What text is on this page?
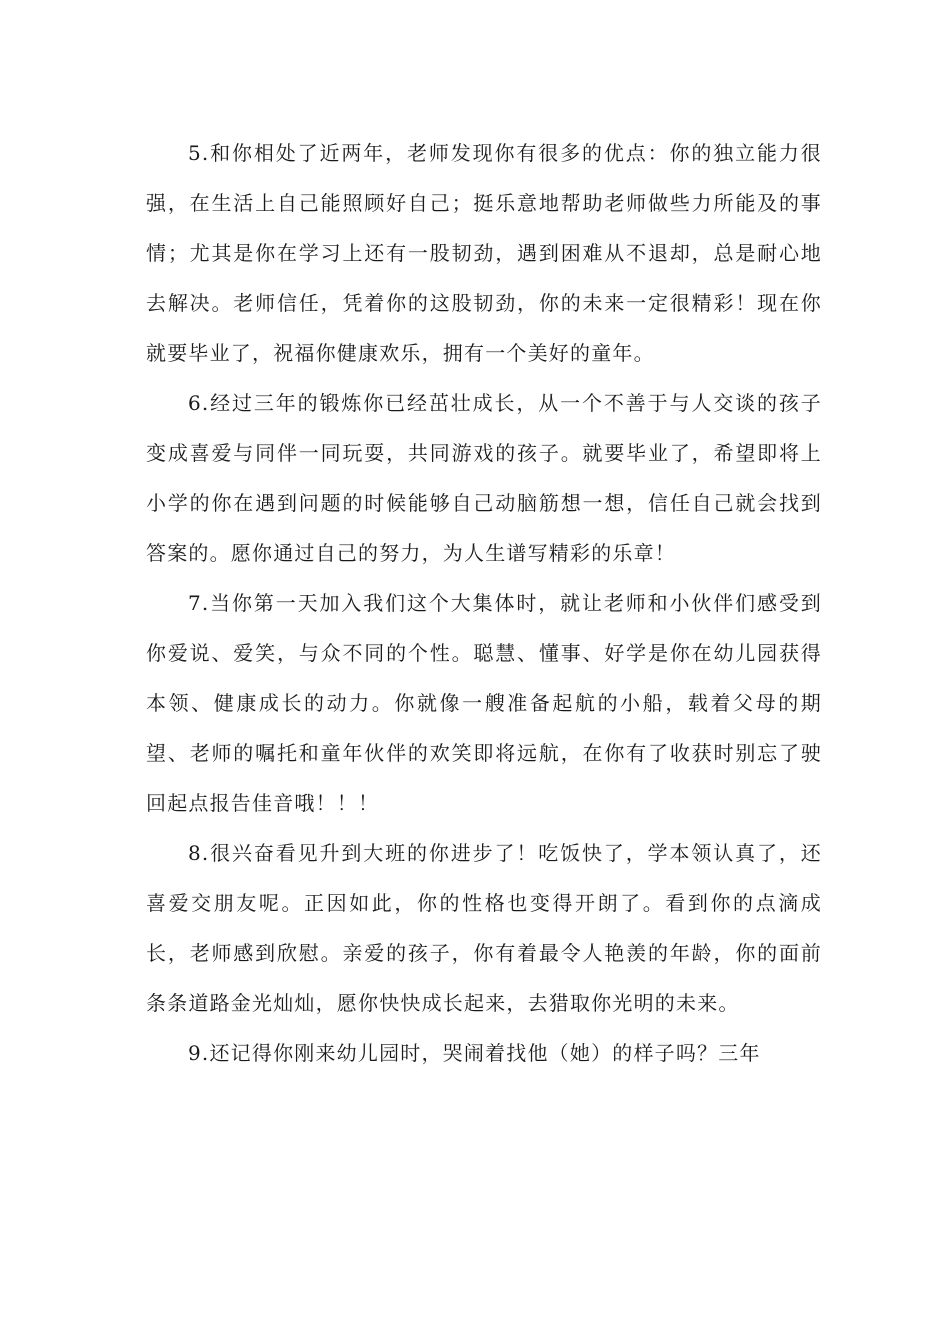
5.和你相处了近两年，老师发现你有很多的优点：你的独立能力很强，在生活上自己能照顾好自己；挺乐意地帮助老师做些力所能及的事情；尤其是你在学习上还有一股韧劲，遇到困难从不退却，总是耐心地去解决。老师信任，凭着你的这股韧劲，你的未来一定很精彩！现在你就要毕业了，祝福你健康欢乐，拥有一个美好的童年。

6.经过三年的锻炼你已经茁壮成长，从一个不善于与人交谈的孩子变成喜爱与同伴一同玩耍，共同游戏的孩子。就要毕业了，希望即将上小学的你在遇到问题的时候能够自己动脑筋想一想，信任自己就会找到答案的。愿你通过自己的努力，为人生谱写精彩的乐章！

7.当你第一天加入我们这个大集体时，就让老师和小伙伴们感受到你爱说、爱笑，与众不同的个性。聪慧、懂事、好学是你在幼儿园获得本领、健康成长的动力。你就像一艘准备起航的小船，载着父母的期望、老师的嘱托和童年伙伴的欢笑即将远航，在你有了收获时别忘了驶回起点报告佳音哦！！！

8.很兴奋看见升到大班的你进步了！吃饭快了，学本领认真了，还喜爱交朋友呢。正因如此，你的性格也变得开朗了。看到你的点滴成长，老师感到欣慰。亲爱的孩子，你有着最令人艳羡的年龄，你的面前条条道路金光灿灿，愿你快快成长起来，去猎取你光明的未来。

9.还记得你刚来幼儿园时，哭闹着找他（她）的样子吗？三年
